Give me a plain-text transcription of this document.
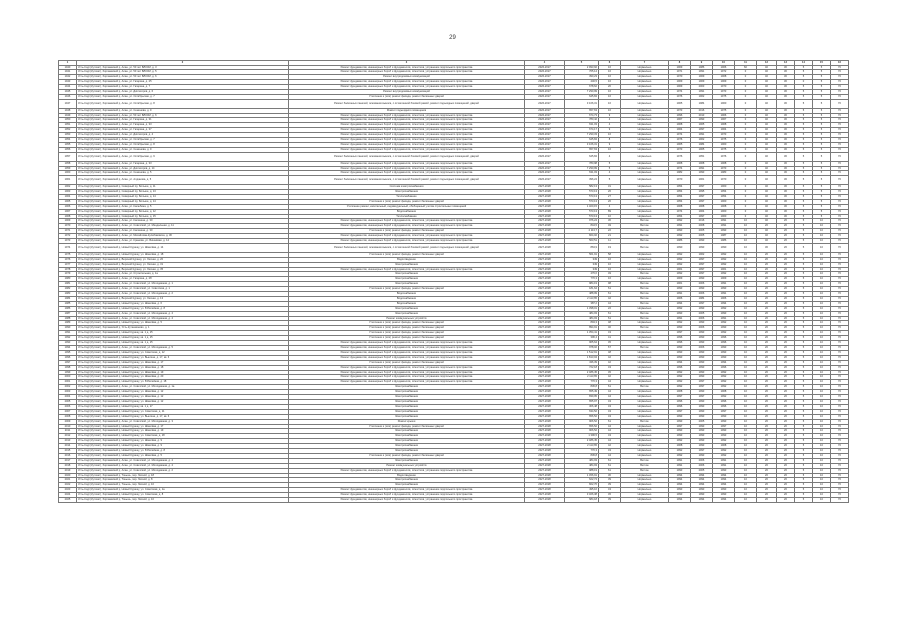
29
1	2	3	4	5	6	7	8	9	10	11	12	13	14	15	16
1940	Усть-Сиді (Кутскат), Хорлаевский р, Алан, ул. 50 лет ВЛКСМ, д. 3	Ремонт фундаментов, инженерных бороб и фундаментов, отмостков, устранение подпольного пространства	2026-2027	2 993,92	16	Нормально	1969	1986	1966	60	40	30	5	5	70
1941	Усть-Сиді (Кутскат), Хорлаевский р, Алан, ул. 50 лет ВЛКСМ, д. 5	Ремонт фундаментов, инженерных бороб и фундаментов, отмостков, устранение подпольного пространства	2026-2027	765,14	16	Нормально	1971	1991	1972	0	40	30	5	5	70
1942	Усть-Сиді (Кутскат), Хорлаевский р, Алан, ул. 50 лет ВЛКСМ, д. 6	Ремонт внутридомовых коммуникаций	2026-2027	390,23	16	Нормально	1970	1969	1968	0	40	30	5	5	70
1943	Усть-Сиді (Кутскат), Хорлаевский р, Алан, ул. Гагарина, д. 25	Ремонт фундаментов, инженерных бороб и фундаментов, отмостков, устранение подпольного пространства	2026-2027	446,5	16	Нормально	1969	1969	1969	0	40	30	0	5	70
1944	Усть-Сиді (Кутскат), Хорлаевский р, Алан, ул. Гагарина, д. 7	Ремонт фундаментов, инженерных бороб и фундаментов, отмостков, устранение подпольного пространства	2026-2027	678,62	20	Нормально	1969	2003	1970	0	40	30	5	5	70
1945	Усть-Сиді (Кутскат), Хорлаевский р, Алан, ул. Диктаторов, д. 6	Ремонт внутридомовых коммуникаций	2026-2027	7 290,99	16	Нормально	1974	1991	1973	0	40	30	5	5	70
1946	Усть-Сиді (Кутскат), Хорлаевский р, Алан, ул. Октябрьская, д. 7	Утепление и (или) ремонт фасада, ремонт балконных дверей	2026-2027	645,84	16	Нормально	1976	1962	1975	0	40	30	5	5	70
1947	Усть-Сиді (Кутскат), Хорлаевский р, Алан, ул. Октябрьская, д. 8	Ремонт балконных панелей, основания выноса, с остекленной боковой рамой, ремонт подъездных помещений, дверей	2026-2027	3 166,31	16	Нормально	1965	1984	1960	0	40	30	5	5	70
1948	Усть-Сиді (Кутскат), Хорлаевский р, Алан, ул. Семенова, д. 9	Ремонт подъездного помещения	2026-2027	657,63	16	Нормально	1973	2016	1975	0	40	30	5	5	70
1949	Усть-Сиді (Кутскат), Хорлаевский р, Алан, ул. 50 лет ВЛКСМ, д. 6	Ремонт фундаментов, инженерных бороб и фундаментов, отмостков, устранение подпольного пространства	2026-2027	674,73	9	Нормально	1996	2013	1966	0	40	30	5	5	70
1950	Усть-Сиді (Кутскат), Хорлаевский р, Алан, ул. Гагарина, д. 31	Ремонт фундаментов, инженерных бороб и фундаментов, отмостков, устранение подпольного пространства	2026-2027	780,42	4	Нормально	1967	1993	1967	0	40	30	5	5	70
1951	Усть-Сиді (Кутскат), Хорлаевский р, Алан, ул. Гагарина, д. 33	Ремонт фундаментов, инженерных бороб и фундаментов, отмостков, устранение подпольного пространства	2026-2027	631,03	4	Нормально	1968	1965	1968	0	40	30	5	5	70
1952	Усть-Сиді (Кутскат), Хорлаевский р, Алан, ул. Гагарина, д. 37	Ремонт фундаментов, инженерных бороб и фундаментов, отмостков, устранение подпольного пространства	2026-2027	674,17	9	Нормально	1964	1997	1964	0	40	30	5	5	70
1953	Усть-Сиді (Кутскат), Хорлаевский р, Алан, ул. Диктаторов, д. 4	Ремонт фундаментов, инженерных бороб и фундаментов, отмостков, устранение подпольного пространства	2026-2027	7 290,33	16	Нормально	1974	1991	1973	0	40	30	5	5	70
1954	Усть-Сиді (Кутскат), Хорлаевский р, Алан, ул. Октябрьская, д. 7	Ремонт фундаментов, инженерных бороб и фундаментов, отмостков, устранение подпольного пространства	2026-2027	645,84	8	Нормально	1976	1962	1975	0	40	30	5	5	70
1955	Усть-Сиді (Кутскат), Хорлаевский р, Алан, ул. Октябрьская, д. 8	Ремонт фундаментов, инженерных бороб и фундаментов, отмостков, устранение подпольного пространства	2026-2027	3 166,31	9	Нормально	1965	1984	1960	0	40	30	5	5	70
1956	Усть-Сиді (Кутскат), Хорлаевский р, Алан, ул. Семенова, д. 9	Ремонт фундаментов, инженерных бороб и фундаментов, отмостков, устранение подпольного пространства	2026-2027	657,63	16	Нормально	1973	1965	1975	0	40	30	5	5	70
1957	Усть-Сиді (Кутскат), Хорлаевский р, Алан, ул. Октябрьская, д. 9	Ремонт балконных панелей, основания выноса, с остекленной боковой рамой, ремонт подъездных помещений, дверей	2026-2027	645,84	4	Нормально	1976	1951	1976	0	40	30	5	5	70
1958	Усть-Сиді (Кутскат), Хорлаевский р, Алан, ул. Гагарина, д. 33	Ремонт фундаментов, инженерных бороб и фундаментов, отмостков, устранение подпольного пространства	2026-2027	780,98	5	Нормально	1968	1968	1968	0	40	30	5	5	70
1959	Усть-Сиді (Кутскат), Хорлаевский р, Алан, ул. Диктаторов, д. 14	Ремонт фундаментов, инженерных бороб и фундаментов, отмостков, устранение подпольного пространства	2026-2027	7 290,99	5	Нормально	1974	1991	1973	0	40	30	5	5	70
1960	Усть-Сиді (Кутскат), Хорлаевский р, Алан, ул. Семенова, д. 5	Ремонт фундаментов, инженерных бороб и фундаментов, отмостков, устранение подпольного пространства	2026-2027	631,03	4	Нормально	1982	1993	1983	0	40	30	5	5	70
1961	Усть-Сиді (Кутскат), Хорлаевский р, Алан, ул. Алданова, д. 5	Ремонт балконных панелей, основания выноса, с остекленной боковой рамой, ремонт подъездных помещений, дверей	2026-2027	396,24	5	Нормально	1970	1961	1970	0	40	30	5	5	70
1962	Усть-Сиді (Кутскат), Хорлаевский р, Северный пр, Больше, д. 11	Система электроснабжения	2027-2028	582,13	31	Нормально	1954	1997	1960	0	40	30	5	5	70
1963	Усть-Сиді (Кутскат), Хорлаевский р, Северный пр, Больше, д. 13	Электроснабжение	2027-2028	573,13	26	Нормально	1954	1995	1954	0	40	30	5	5	70
1964	Усть-Сиді (Кутскат), Хорлаевский р, Северный пр, Больше, д. 14	Теплоснабжение	2027-2028	573,13	27	Нормально	1954	1997	1954	0	40	30	5	5	70
1965	Усть-Сиді (Кутскат), Хорлаевский р, Северный пр, Больше, д. 14	Утепление и (или) ремонт фасада, ремонт балконных дверей	2027-2028	573,13	26	Нормально	1954	1997	1960	0	40	30	5	5	70
1966	Усть-Сиді (Кутскат), Хорлаевский р, Алан, ул. Калюбина, д. 5	Утепление ремонт, капитальный, индивидуальный, обобщенный учетом строительных помещений	2027-2028	1 400,15	4	Нормально	1968	1968	1968	0	40	30	5	5	70
1967	Усть-Сиді (Кутскат), Хорлаевский р, Северный пр, Больше, д. 12	Водоснабжение	2027-2028	573,13	89	Нормально	1974	1964	1960	0	40	30	5	5	70
1968	Усть-Сиді (Кутскат), Хорлаевский р, Северный пр, Больше, д. 15	Теплоснабжение	2027-2028	573,13	10	Нормально	1954	1997	1960	0	40	30	5	5	70
1969	Усть-Сиді (Кутскат), Хорлаевский р, Алан, ул. Калинина, д. 30	Ремонт фундаментов, инженерных бороб и фундаментов, отмостков, устранение подпольного пространства	2027-2028	976,24	36	Ветхое	1992	2016	1991	10	40	20	5	10	70
1970	Усть-Сиді (Кутскат), Хорлаевский р, Алан, ул. Советской, ул. Миндальная, д. 11	Ремонт фундаментов, инженерных бороб и фундаментов, отмостков, устранение подпольного пространства	2027-2028	844,5	49	Ветхое	1991	2008	1991	10	20	20	5	10	70
1971	Усть-Сиді (Кутскат), Хорлаевский р, Алан, ул. Калинина, д. 30	Утепление и (или) ремонт фасада, ремонт балконных дверей	2027-2028	4 113,7	22	Ветхое	1993	2005	1993	10	40	20	5	10	70
1972	Усть-Сиді (Кутскат), Хорлаевский р, Алан, ул. Михайлова-Кулебяковича, д. 30	Ремонт фундаментов, инженерных бороб и фундаментов, отмостков, устранение подпольного пространства	2027-2028	824,02	21	Ветхое	1992	2005	1987	10	40	20	5	10	70
1973	Усть-Сиді (Кутскат), Хорлаевский р, Алан, ул. Крюкова, ул. Вишнёвая, д. 14	Ремонт фундаментов, инженерных бороб и фундаментов, отмостков, устранение подпольного пространства	2027-2028	563,51	11	Ветхое	1986	1993	1986	10	40	20	5	10	70
1974	Усть-Сиді (Кутскат), Хорлаевский р, Новый Курашу, ул. Шмелёва, д. 14	Ремонт балконных панелей, основания выноса, с остекленной боковой рамой, ремонт подъездных помещений, дверей	2027-2028	863,9	19	Ветхое	1990	1993	1990	10	30	20	5	10	70
1975	Усть-Сиді (Кутскат), Хорлаевский р, Новый Курашу, ул. Шмелёва, д. 18	Утепление и (или) ремонт фасада, ремонт балконных дверей	2027-2028	561,91	58	Нормально	1992	1962	1992	10	20	20	5	10	70
1976	Усть-Сиді (Кутскат), Хорлаевский р, Верхний Курашу, ул. Лесная, д. 20	Водоотведение	2027-2028	349	16	Нормально	1992	1997	1992	10	20	20	5	10	70
1977	Усть-Сиді (Кутскат), Хорлаевский р, Верхний Курашу, ул. Лесная, д. 31	Электроснабжение	2027-2028	349	16	Нормально	1992	1997	1992	10	20	20	5	10	70
1978	Усть-Сиді (Кутскат), Хорлаевский р, Верхний Курашу, ул. Лесная, д. 35	Ремонт фундаментов, инженерных бороб и фундаментов, отмостков, устранение подпольного пространства	2027-2028	349	16	Нормально	1961	1997	1961	10	20	20	5	10	70
1979	Усть-Сиді (Кутскат), Хорлаевский р, Алан, ул. Строительная, д. 1а	Электроснабжение	2027-2028	476,6	49	Ветхое	1992	1997	1992	10	20	20	5	10	70
1980	Усть-Сиді (Кутскат), Хорлаевский р, Алан, ул. Гагарина, д. 28	Электроснабжение	2027-2028	770,3	16	Нормально	1969	1993	1969	10	20	20	5	10	70
1981	Усть-Сиді (Кутскат), Хорлаевский р, Алан, ул. Советской, ул. Молодежная, д. 1	Электроснабжение	2027-2028	984,19	98	Ветхое	1961	2006	1991	10	20	20	5	10	70
1982	Усть-Сиді (Кутскат), Хорлаевский р, Алан, ул. Советской, ул. Советская, д. 1	Утепление и (или) ремонт фасада, ремонт балконных дверей	2027-2028	181,64	61	Ветхое	1993	1993	1993	10	20	20	5	10	70
1983	Усть-Сиді (Кутскат), Хорлаевский р, Алан, ул. Советской, ул. Молодежная, д. 2	Водоснабжение	2027-2028	488,99	61	Ветхое	1991	2006	1991	10	20	20	5	10	70
1984	Усть-Сиді (Кутскат), Хорлаевский р, Верхний Курашу, ул. Лесная, д. 13	Водоснабжение	2027-2028	2 113,65	42	Ветхое	1966	1984	1966	10	20	20	5	10	70
1985	Усть-Сиді (Кутскат), Хорлаевский р, Новый Курашу, ул. Шмелёва, д. 6	Водоснабжение	2027-2028	387,2	44	Ветхое	1994	1997	1994	10	20	20	5	10	70
1986	Усть-Сиді (Кутскат), Хорлаевский р, Новый Курашу, ул. Юбилейная, д. 8	Электроснабжение	2027-2028	1 398,01	22	Нормально	1992	1993	1992	10	20	20	5	10	70
1987	Усть-Сиді (Кутскат), Хорлаевский р, Алан, ул. Советской, ул. Молодежная, д. 4	Электроснабжение	2027-2028	484,93	61	Ветхое	1993	2005	1993	10	20	20	5	10	70
1988	Усть-Сиді (Кутскат), Хорлаевский р, Алан, ул. Советской, ул. Молодежная, д. 4	Ремонт коммунальных устройств	2027-2028	484,93	61	Ветхое	1991	2006	1991	10	20	20	5	10	70
1989	Усть-Сиді (Кутскат), Хорлаевский р, Новый Курашу, ул. Шмелёва, д. 5	Утепление и (или) ремонт фасада, ремонт балконных дверей	2027-2028	894,3	48	Нормально	1992	1993	1992	10	20	20	5	10	70
1990	Усть-Сиді (Кутскат), Хорлаевский р, Усть-Куташкиново, д. 1	Утепление и (или) ремонт фасада, ремонт балконных дверей	2027-2028	894,91	40	Ветхое	1993	2006	1993	10	20	20	5	10	70
1991	Усть-Сиді (Кутскат), Хорлаевский р, Новый Курашу, кв. 1 д. 15	Утепление и (или) ремонт фасада, ремонт балконных дверей	2027-2028	1 354,41	43	Нормально	1997	1993	1992	10	20	20	5	10	70
1992	Усть-Сиді (Кутскат), Хорлаевский р, Новый Курашу, кв. 1 д. 15	Утепление и (или) ремонт фасада, ремонт балконных дверей	2027-2028	396,4	41	Нормально	1996	1993	1996	10	20	20	5	10	70
1993	Усть-Сиді (Кутскат), Хорлаевский р, Новый Курашу, кв. 1 д. 15	Ремонт фундаментов, инженерных бороб и фундаментов, отмостков, устранение подпольного пространства	2027-2028	965,64	45	Нормально	1996	1993	1996	10	20	20	5	10	70
1994	Усть-Сиді (Кутскат), Хорлаевский р, Алан, ул. Советской, ул. Молодежная, д. 5	Ремонт фундаментов, инженерных бороб и фундаментов, отмостков, устранение подпольного пространства	2027-2028	978,02	67	Ветхое	1993	2006	1993	10	20	20	5	10	70
1995	Усть-Сиді (Кутскат), Хорлаевский р, Новый Курашу, ул. Советская, д. 12	Ремонт фундаментов, инженерных бороб и фундаментов, отмостков, устранение подпольного пространства	2027-2028	1 512,91	48	Нормально	1993	1993	1993	10	20	20	5	10	70
1996	Усть-Сиді (Кутскат), Хорлаевский р, Новый Курашу, ул. Вьюгина, д. 17, кв. 6	Ремонт фундаментов, инженерных бороб и фундаментов, отмостков, устранение подпольного пространства	2027-2028	1 813,04	42	Нормально	1993	1993	1993	10	20	20	5	10	70
1997	Усть-Сиді (Кутскат), Хорлаевский р, Новый Курашу, ул. Шмелёва, д. 17	Утепление и (или) ремонт фасада, ремонт балконных дверей	2027-2028	436,39	42	Нормально	1994	1993	1994	10	20	20	5	10	70
1998	Усть-Сиді (Кутскат), Хорлаевский р, Новый Курашу, ул. Шмелёва, д. 18	Ремонт фундаментов, инженерных бороб и фундаментов, отмостков, устранение подпольного пространства	2027-2028	722,18	43	Нормально	1996	1993	1996	10	20	20	5	10	70
1999	Усть-Сиді (Кутскат), Хорлаевский р, Новый Курашу, ул. Шмелёва, д. 19	Ремонт фундаментов, инженерных бороб и фундаментов, отмостков, устранение подпольного пространства	2027-2028	2 486,45	45	Нормально	1992	1993	1992	10	20	20	5	10	70
2000	Усть-Сиді (Кутскат), Хорлаевский р, Новый Курашу, ул. Шмелёва, д. 20	Ремонт фундаментов, инженерных бороб и фундаментов, отмостков, устранение подпольного пространства	2027-2028	2 113,65	42	Нормально	1992	1993	1992	10	20	20	5	10	70
2001	Усть-Сиді (Кутскат), Хорлаевский р, Новый Курашу, ул. Юбилейная, д. 18	Ремонт фундаментов, инженерных бороб и фундаментов, отмостков, устранение подпольного пространства	2027-2028	770,3	44	Нормально	1992	1997	1992	10	20	20	5	10	70
2002	Усть-Сиді (Кутскат), Хорлаевский р, Алан, ул. Советской, ул. Молодежная, д. 1а	Электроснабжение	2027-2028	836,8	61	Ветхое	1992	1997	1992	10	20	20	5	10	70
2003	Усть-Сиді (Кутскат), Хорлаевский р, Новый Курашу, ул. Шмелёва, д. 12	Электроснабжение	2027-2028	655,49	44	Нормально	1968	1993	1968	10	20	20	5	10	70
2004	Усть-Сиді (Кутскат), Хорлаевский р, Новый Курашу, ул. Шмелёва, д. 12	Электроснабжение	2027-2028	839,95	44	Нормально	1997	1997	1992	10	20	20	5	10	70
2005	Усть-Сиді (Кутскат), Хорлаевский р, Новый Курашу, ул. Шмелёва, д. 12	Электроснабжение	2027-2028	655,97	43	Нормально	1996	1993	1996	10	20	20	5	10	70
2006	Усть-Сиді (Кутскат), Хорлаевский р, Новый Курашу, кв. 1 д. 17	Электроснабжение	2027-2028	306,48	43	Нормально	1996	1993	1996	10	20	20	5	10	70
2007	Усть-Сиді (Кутскат), Хорлаевский р, Новый Курашу, ул. Советская, д. 11	Электроснабжение	2027-2028	634,52	43	Нормально	1997	1993	1997	10	20	20	5	10	70
2008	Усть-Сиді (Кутскат), Хорлаевский р, Новый Курашу, ул. Вьюгина, д. 17, кв. 6	Электроснабжение	2027-2028	656,52	43	Нормально	1993	1993	1993	10	20	20	5	10	70
2009	Усть-Сиді (Кутскат), Хорлаевский р, Алан, ул. Советской, ул. Молодежная, д. 3	Ремонт крыши	2027-2028	906,52	61	Ветхое	1993	2005	1993	10	20	20	5	10	70
2010	Усть-Сиді (Кутскат), Хорлаевский р, Новый Курашу, ул. Шмелёва, д. 17	Утепление и (или) ремонт фасада, ремонт балконных дверей	2027-2028	656,52	44	Нормально	1997	1993	1997	10	20	20	5	10	70
2011	Усть-Сиді (Кутскат), Хорлаевский р, Новый Курашу, ул. Шмелёва, д. 19	Электроснабжение	2027-2028	906,52	44	Нормально	1993	1993	1993	10	20	20	5	10	70
2012	Усть-Сиді (Кутскат), Хорлаевский р, Новый Курашу, ул. Советская, д. 18	Электроснабжение	2027-2028	1 396,5	43	Нормально	1993	1993	1993	10	20	20	5	10	70
2013	Усть-Сиді (Кутскат), Хорлаевский р, Новый Курашу, ул. Шмелёва, д. 9	Электроснабжение	2027-2028	2 486,45	44	Нормально	1992	1993	1992	10	20	20	5	10	70
2014	Усть-Сиді (Кутскат), Хорлаевский р, Новый Курашу, ул. Шмелёва, д. 9	Электроснабжение	2027-2028	2 113,65	42	Нормально	1968	1993	1968	10	20	20	5	10	70
2015	Усть-Сиді (Кутскат), Хорлаевский р, Новый Курашу, ул. Юбилейная, д. 8	Электроснабжение	2027-2028	770,3	43	Нормально	1992	1997	1992	10	20	20	5	10	70
2016	Усть-Сиді (Кутскат), Хорлаевский р, Новый Курашу, ул. Шмелёва, д. 5	Утепление и (или) ремонт фасада, ремонт балконных дверей	2027-2028	836,8	44	Нормально	1992	1993	1992	10	20	20	5	10	70
2017	Усть-Сиді (Кутскат), Хорлаевский р, Алан, ул. Советской, ул. Молодежная, д. 4	Электроснабжение	2027-2028	484,93	61	Ветхое	1991	2006	1991	10	20	20	5	10	70
2018	Усть-Сиді (Кутскат), Хорлаевский р, Алан, ул. Советской, ул. Молодежная, д. 4	Ремонт коммунальных устройств	2027-2028	484,93	61	Ветхое	1991	2006	1991	10	20	20	5	10	70
2019	Усть-Сиді (Кутскат), Хорлаевский р, Алан, ул. Советской, ул. Молодежная, д. 2	Ремонт фундаментов, инженерных бороб и фундаментов, отмостков, устранение подпольного пространства	2027-2028	988,19	61	Ветхое	1993	2005	1993	10	20	20	5	10	70
2020	Усть-Сиді (Кутскат), Хорлаевский р, Тоньшь, пер. Лесной, д. 18	Водоотведение	2027-2028	1 456,91	30	Нормально	1994	1994	1994	10	20	20	5	10	70
2021	Усть-Сиді (Кутскат), Хорлаевский р, Тоньшь, пер. Лесной, д. 8	Электроснабжение	2027-2028	622,74	39	Нормально	1994	1994	1994	10	20	20	5	10	70
2022	Усть-Сиді (Кутскат), Хорлаевский р, Тоньшь, пер. Лесной, д. 10	Электроснабжение	2027-2028	822,76	39	Нормально	1994	1994	1994	10	20	20	5	10	70
2023	Усть-Сиді (Кутскат), Хорлаевский р, Новый Курашу, ул. Советская, д. 1а	Ремонт фундаментов, инженерных бороб и фундаментов, отмостков, устранение подпольного пространства	2027-2028	495,16	43	Нормально	1993	1993	1993	10	20	20	5	10	70
2024	Усть-Сиді (Кутскат), Хорлаевский р, Новый Курашу, ул. Советская, д. 8	Ремонт фундаментов, инженерных бороб и фундаментов, отмостков, устранение подпольного пространства	2027-2028	3 466,38	45	Нормально	1993	1993	1993	10	20	20	5	10	70
2025	Усть-Сиді (Кутскат), Хорлаевский р, Тоньшь, пер. Лесной, д. 10	Ремонт фундаментов, инженерных бороб и фундаментов, отмостков, устранение подпольного пространства	2027-2028	684,18	39	Нормально	1994	1994	1994	10	20	20	5	10	70
